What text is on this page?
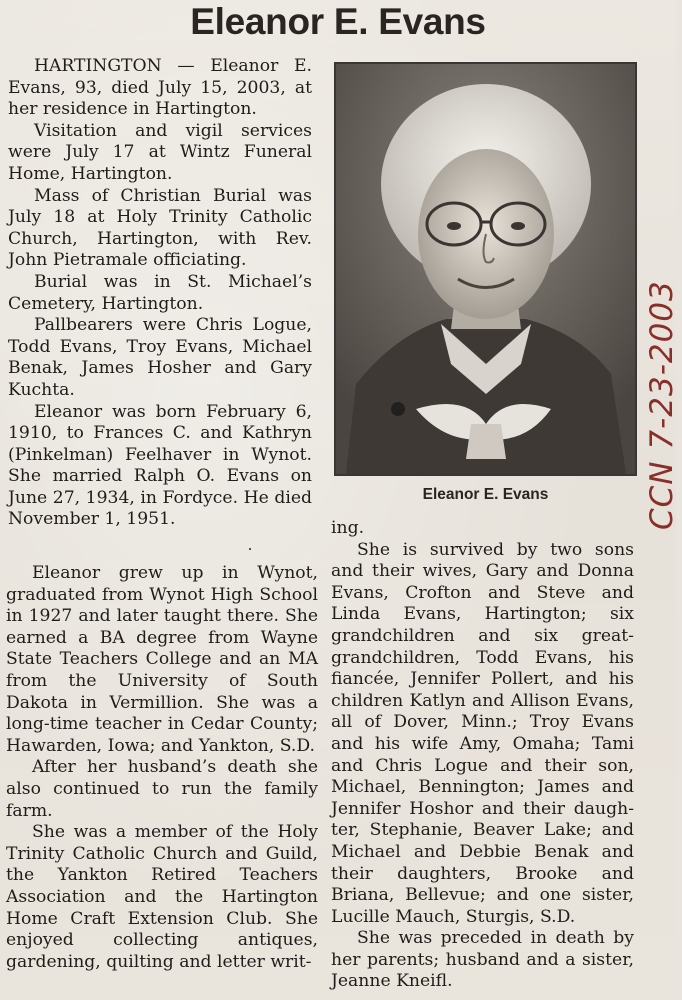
Eleanor E. Evans

HARTINGTON — Eleanor E. Evans, 93, died July 15, 2003, at her residence in Hartington.

Visitation and vigil services were July 17 at Wintz Funeral Home, Hartington.

Mass of Christian Burial was July 18 at Holy Trinity Catholic Church, Hartington, with Rev. John Pietramale officiating.

Burial was in St. Michael’s Cemetery, Hartington.

Pallbearers were Chris Logue, Todd Evans, Troy Evans, Michael Benak, James Hosher and Gary Kuchta.

Eleanor was born February 6, 1910, to Frances C. and Kathryn (Pinkelman) Feelhaver in Wynot. She married Ralph O. Evans on June 27, 1934, in Fordyce. He died November 1, 1951.

Eleanor grew up in Wynot, graduated from Wynot High School in 1927 and later taught there. She earned a BA degree from Wayne State Teachers College and an MA from the University of South Dakota in Vermillion. She was a long-time teacher in Cedar County; Hawarden, Iowa; and Yankton, S.D.

After her husband’s death she also continued to run the family farm.

She was a member of the Holy Trinity Catholic Church and Guild, the Yankton Retired Teachers Association and the Hartington Home Craft Extension Club. She enjoyed collecting antiques, gardening, quilting and letter writ-

Eleanor E. Evans	CCN 7-23-2003

ing.

She is survived by two sons and their wives, Gary and Donna Evans, Crofton and Steve and Linda Evans, Hartington; six grandchildren and six great-grandchildren, Todd Evans, his fiancée, Jennifer Pollert, and his children Katlyn and Allison Evans, all of Dover, Minn.; Troy Evans and his wife Amy, Omaha; Tami and Chris Logue and their son, Michael, Bennington; James and Jennifer Hoshor and their daughter, Stephanie, Beaver Lake; and Michael and Debbie Benak and their daughters, Brooke and Briana, Bellevue; and one sister, Lucille Mauch, Sturgis, S.D.

She was preceded in death by her parents; husband and a sister, Jeanne Kneifl.
